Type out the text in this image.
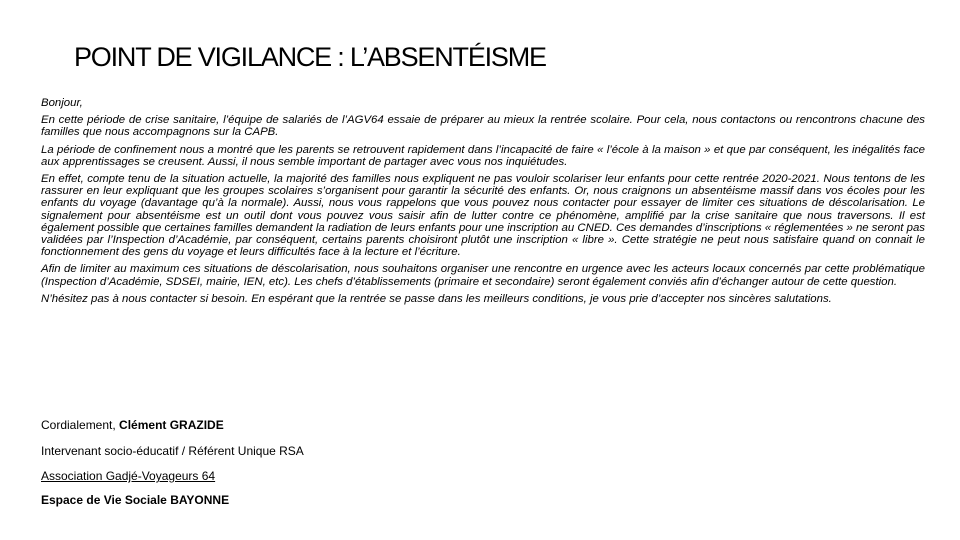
POINT DE VIGILANCE : L’ABSENTÉISME

Bonjour,

En cette période de crise sanitaire, l’équipe de salariés de l’AGV64 essaie de préparer au mieux la rentrée scolaire. Pour cela, nous contactons ou rencontrons chacune des familles que nous accompagnons sur la CAPB.

La période de confinement nous a montré que les parents se retrouvent rapidement dans l’incapacité de faire « l’école à la maison » et que par conséquent, les inégalités face aux apprentissages se creusent. Aussi, il nous semble important de partager avec vous nos inquiétudes.

En effet, compte tenu de la situation actuelle, la majorité des familles nous expliquent ne pas vouloir scolariser leur enfants pour cette rentrée 2020-2021. Nous tentons de les rassurer en leur expliquant que les groupes scolaires s’organisent pour garantir la sécurité des enfants. Or, nous craignons un absentéisme massif dans vos écoles pour les enfants du voyage (davantage qu’à la normale). Aussi, nous vous rappelons que vous pouvez nous contacter pour essayer de limiter ces situations de déscolarisation. Le signalement pour absentéisme est un outil dont vous pouvez vous saisir afin de lutter contre ce phénomène, amplifié par la crise sanitaire que nous traversons. Il est également possible que certaines familles demandent la radiation de leurs enfants pour une inscription au CNED. Ces demandes d’inscriptions « réglementées » ne seront pas validées par l’Inspection d’Académie, par conséquent, certains parents choisiront plutôt une inscription « libre ». Cette stratégie ne peut nous satisfaire quand on connait le fonctionnement des gens du voyage et leurs difficultés face à la lecture et l’écriture.

Afin de limiter au maximum ces situations de déscolarisation, nous souhaitons organiser une rencontre en urgence avec les acteurs locaux concernés par cette problématique (Inspection d’Académie, SDSEI, mairie, IEN, etc). Les chefs d’établissements (primaire et secondaire) seront également conviés afin d’échanger autour de cette question.

N’hésitez pas à nous contacter si besoin. En espérant que la rentrée se passe dans les meilleurs conditions, je vous prie d’accepter nos sincères salutations.

Cordialement, Clément GRAZIDE
Intervenant socio-éducatif / Référent Unique RSA
Association Gadjé-Voyageurs 64
Espace de Vie Sociale BAYONNE
